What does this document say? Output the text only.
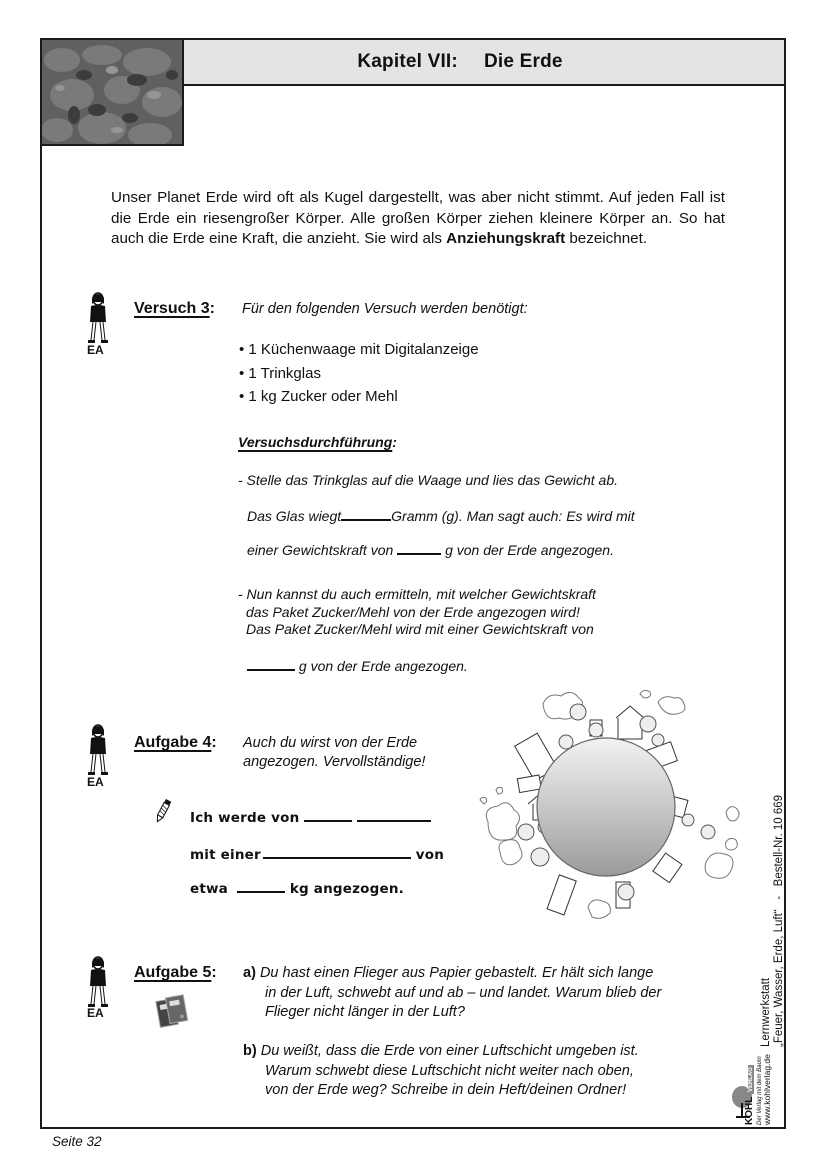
Kapitel VII: Die Erde

Unser Planet Erde wird oft als Kugel dargestellt, was aber nicht stimmt. Auf jeden Fall ist die Erde ein riesengroßer Körper. Alle großen Körper ziehen kleinere Körper an. So hat auch die Erde eine Kraft, die anzieht. Sie wird als Anziehungskraft bezeichnet.

EA
Versuch 3: Für den folgenden Versuch werden benötigt:
• 1 Küchenwaage mit Digitalanzeige
• 1 Trinkglas
• 1 kg Zucker oder Mehl
Versuchsdurchführung:
- Stelle das Trinkglas auf die Waage und lies das Gewicht ab.
Das Glas wiegt	Gramm (g). Man sagt auch: Es wird mit
einer Gewichtskraft von	g von der Erde angezogen.
- Nun kannst du auch ermitteln, mit welcher Gewichtskraft
das Paket Zucker/Mehl von der Erde angezogen wird!
Das Paket Zucker/Mehl wird mit einer Gewichtskraft von
g von der Erde angezogen.
EA
Aufgabe 4: Auch du wirst von der Erde
angezogen. Vervollständige!
Ich werde von
mit einer	von
etwa	kg angezogen.
EA
Aufgabe 5: a) Du hast einen Flieger aus Papier gebastelt. Er hält sich lange
in der Luft, schwebt auf und ab – und landet. Warum blieb der
Flieger nicht länger in der Luft?
b) Du weißt, dass die Erde von einer Luftschicht umgeben ist.
Warum schwebt diese Luftschicht nicht weiter nach oben,
von der Erde weg? Schreibe in dein Heft/deinen Ordner!
KOHL VERLAG Der Verlag mit dem Baum www.kohlverlag.de
Lernwerkstatt „Feuer, Wasser, Erde, Luft“   -   Bestell-Nr. 10 669
Seite 32
